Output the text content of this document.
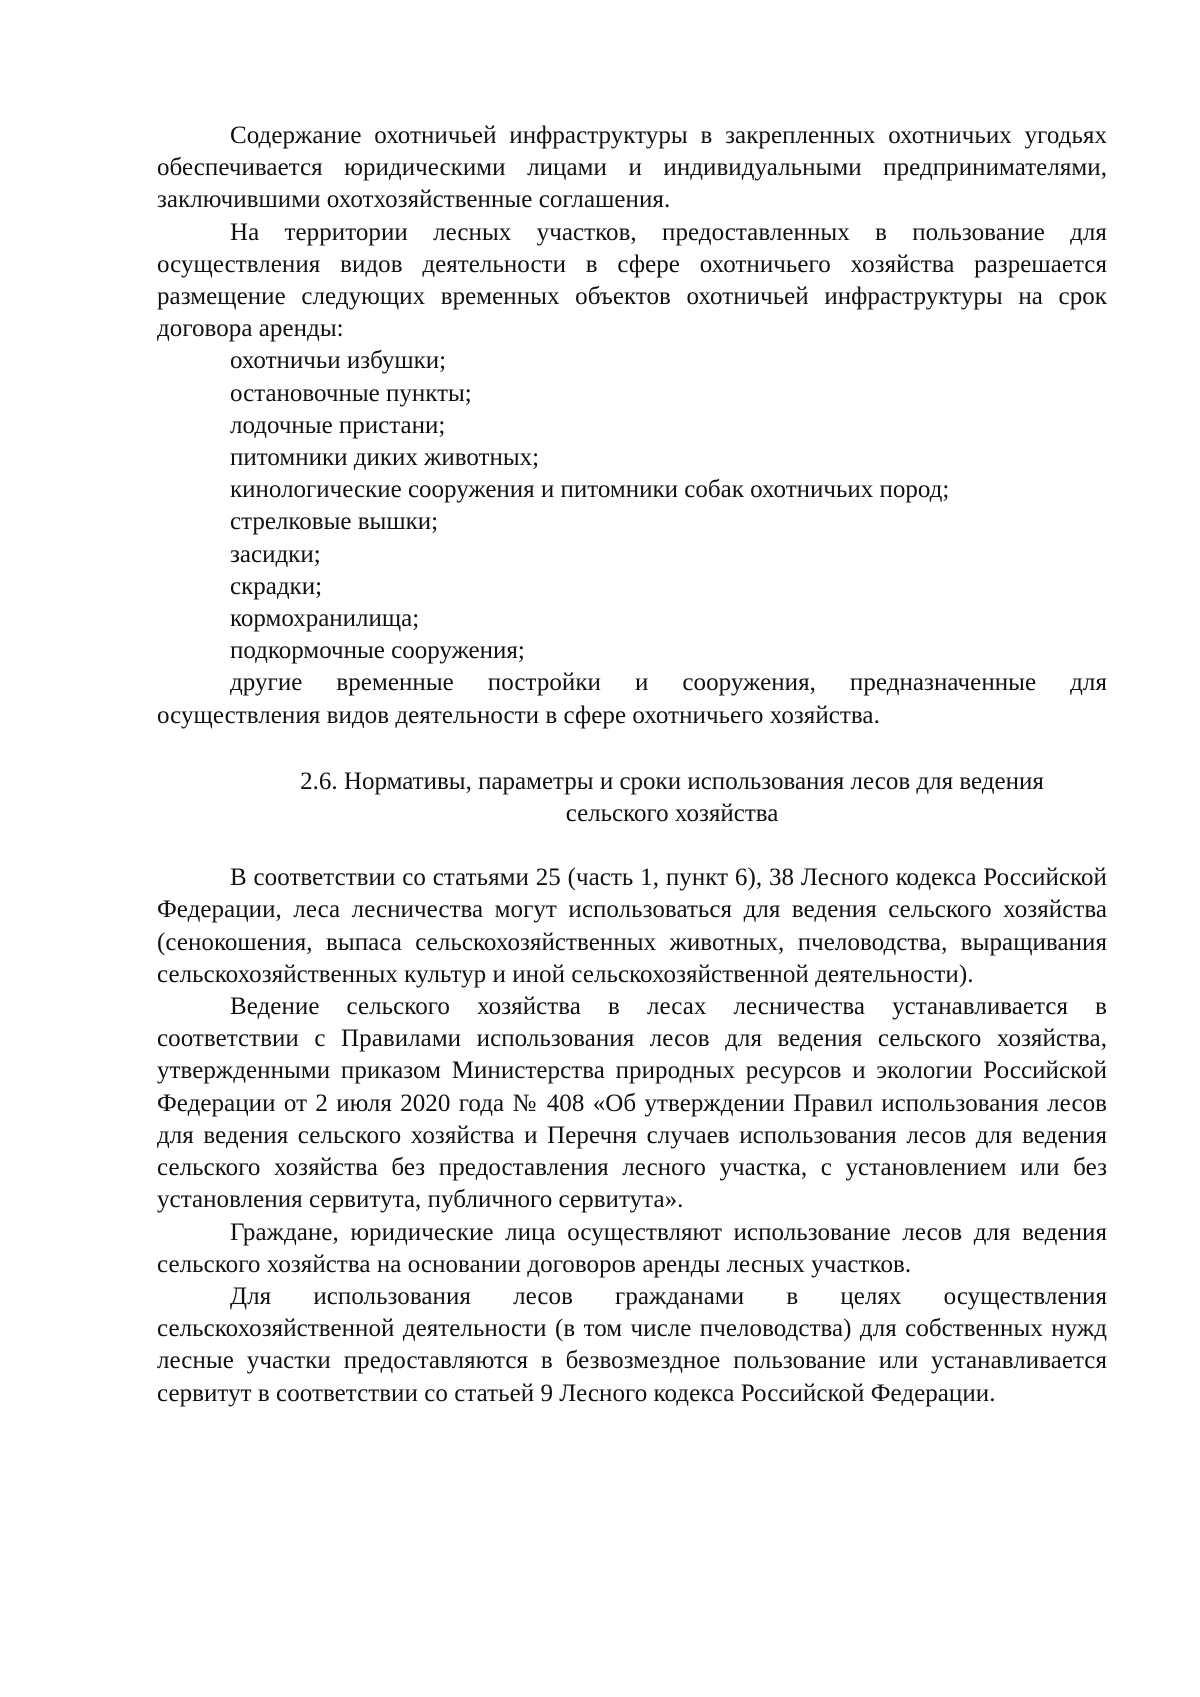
Содержание охотничьей инфраструктуры в закрепленных охотничьих угодьях обеспечивается юридическими лицами и индивидуальными предпринимателями, заключившими охотхозяйственные соглашения.

На территории лесных участков, предоставленных в пользование для осуществления видов деятельности в сфере охотничьего хозяйства разрешается размещение следующих временных объектов охотничьей инфраструктуры на срок договора аренды:

охотничьи избушки;
остановочные пункты;
лодочные пристани;
питомники диких животных;
кинологические сооружения и питомники собак охотничьих пород;
стрелковые вышки;
засидки;
скрадки;
кормохранилища;
подкормочные сооружения;

другие временные постройки и сооружения, предназначенные для

осуществления видов деятельности в сфере охотничьего хозяйства.

2.6. Нормативы, параметры и сроки использования лесов для ведения
сельского хозяйства

В соответствии со статьями 25 (часть 1, пункт 6), 38 Лесного кодекса Российской Федерации, леса лесничества могут использоваться для ведения сельского хозяйства (сенокошения, выпаса сельскохозяйственных животных, пчеловодства, выращивания сельскохозяйственных культур и иной сельскохозяйственной деятельности).

Ведение сельского хозяйства в лесах лесничества устанавливается в соответствии с Правилами использования лесов для ведения сельского хозяйства, утвержденными приказом Министерства природных ресурсов и экологии Российской Федерации от 2 июля 2020 года № 408 «Об утверждении Правил использования лесов для ведения сельского хозяйства и Перечня случаев использования лесов для ведения сельского хозяйства без предоставления лесного участка, с установлением или без установления сервитута, публичного сервитута».

Граждане, юридические лица осуществляют использование лесов для ведения сельского хозяйства на основании договоров аренды лесных участков.

Для использования лесов гражданами в целях осуществления сельскохозяйственной деятельности (в том числе пчеловодства) для собственных нужд лесные участки предоставляются в безвозмездное пользование или устанавливается сервитут в соответствии со статьей 9 Лесного кодекса Российской Федерации.
